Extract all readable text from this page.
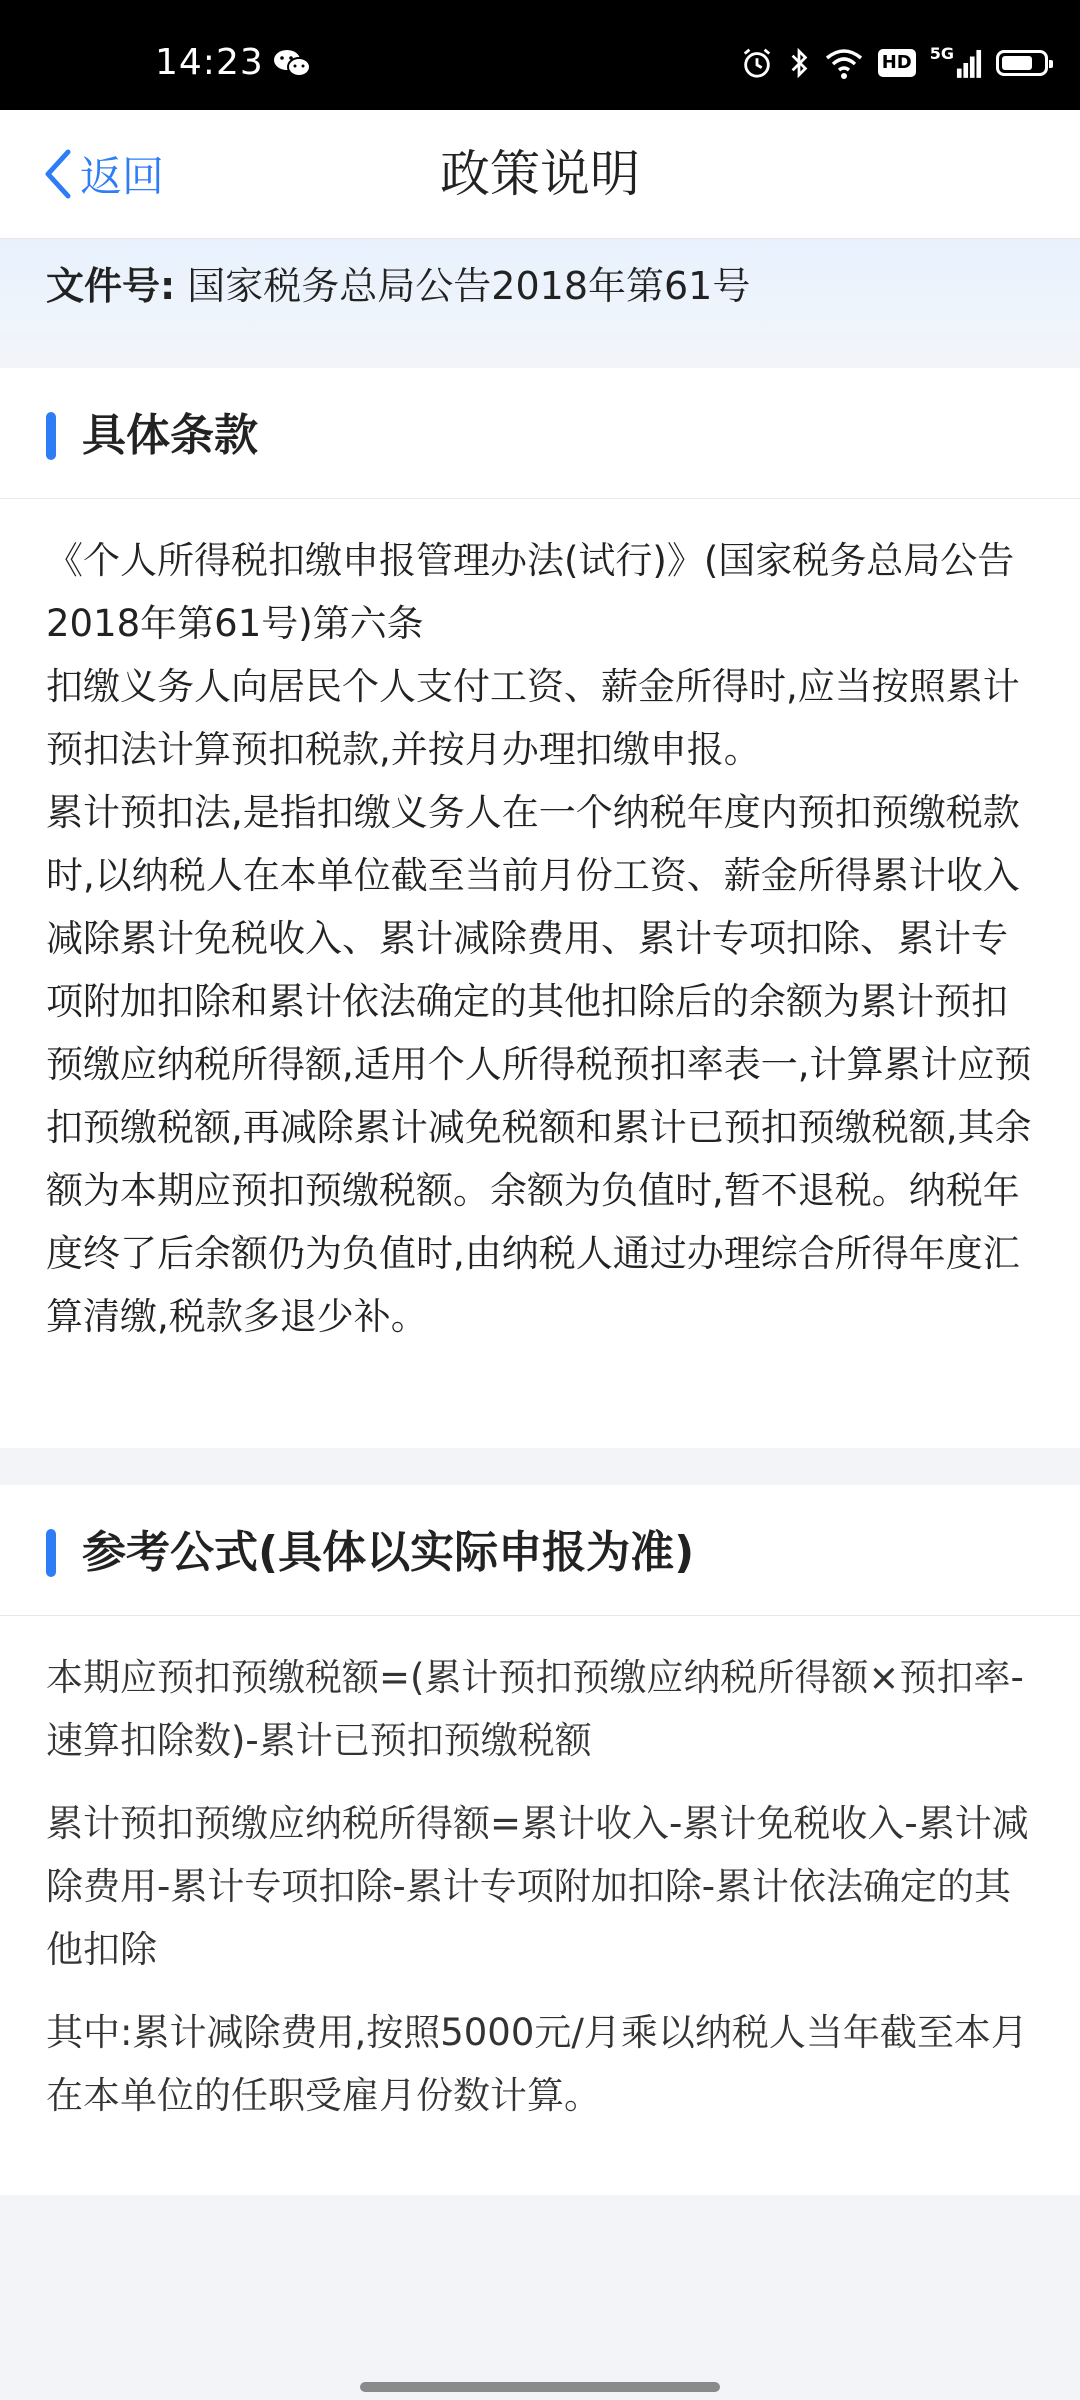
14:23	HD 5G
返回	政策说明
文件号: 国家税务总局公告2018年第61号
具体条款

《个人所得税扣缴申报管理办法(试行)》(国家税务总局公告2018年第61号)第六条

扣缴义务人向居民个人支付工资、薪金所得时,应当按照累计预扣法计算预扣税款,并按月办理扣缴申报。

累计预扣法,是指扣缴义务人在一个纳税年度内预扣预缴税款时,以纳税人在本单位截至当前月份工资、薪金所得累计收入减除累计免税收入、累计减除费用、累计专项扣除、累计专项附加扣除和累计依法确定的其他扣除后的余额为累计预扣预缴应纳税所得额,适用个人所得税预扣率表一,计算累计应预扣预缴税额,再减除累计减免税额和累计已预扣预缴税额,其余额为本期应预扣预缴税额。余额为负值时,暂不退税。纳税年度终了后余额仍为负值时,由纳税人通过办理综合所得年度汇算清缴,税款多退少补。

参考公式(具体以实际申报为准)

本期应预扣预缴税额=(累计预扣预缴应纳税所得额×预扣率-速算扣除数)-累计已预扣预缴税额

累计预扣预缴应纳税所得额=累计收入-累计免税收入-累计减除费用-累计专项扣除-累计专项附加扣除-累计依法确定的其他扣除

其中:累计减除费用,按照5000元/月乘以纳税人当年截至本月在本单位的任职受雇月份数计算。
